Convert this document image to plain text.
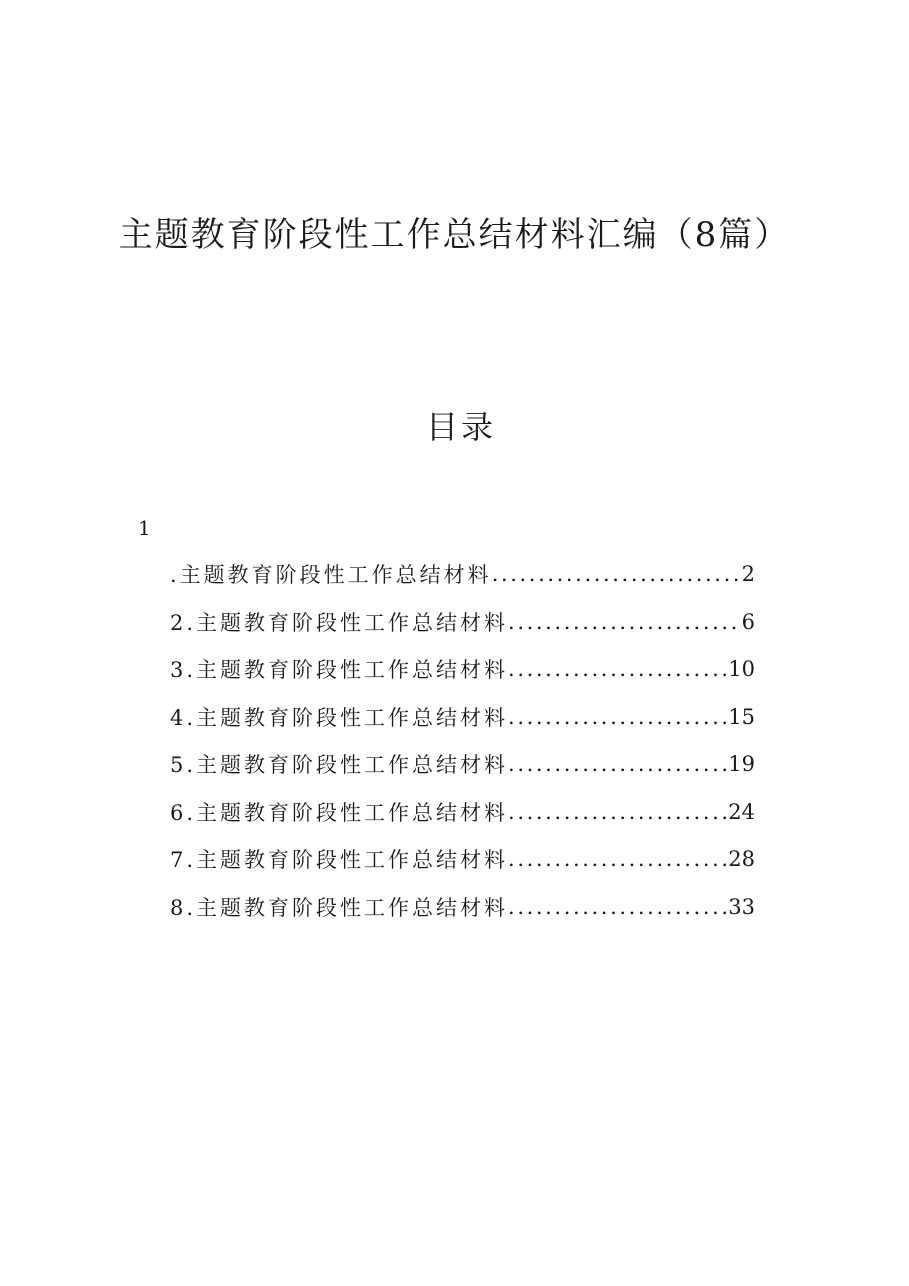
主题教育阶段性工作总结材料汇编（8篇）
目录
1
.主题教育阶段性工作总结材料 .....	2
2.主题教育阶段性工作总结材料 .....	6
3.主题教育阶段性工作总结材料 .....	10
4.主题教育阶段性工作总结材料 .....	15
5.主题教育阶段性工作总结材料 .....	19
6.主题教育阶段性工作总结材料 .....	24
7.主题教育阶段性工作总结材料 .....	28
8.主题教育阶段性工作总结材料 .....	33
